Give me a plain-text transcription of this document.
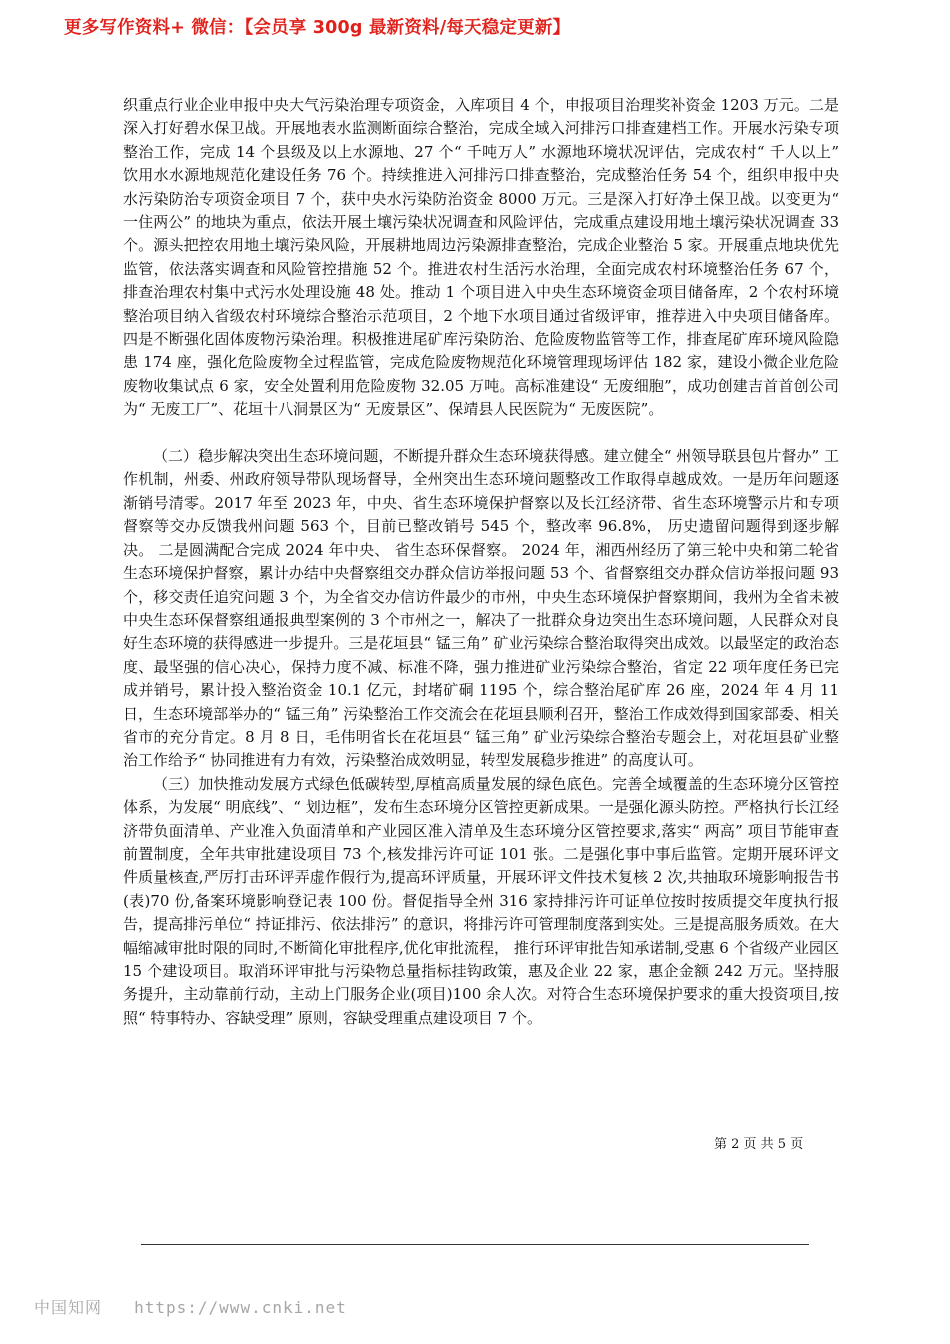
更多写作资料+ 微信：【会员享 300g 最新资料/每天稳定更新】

织重点行业企业申报中央大气污染治理专项资金，入库项目 4 个，申报项目治理奖补资金 1203 万元。二是深入打好碧水保卫战。开展地表水监测断面综合整治，完成全域入河排污口排查建档工作。开展水污染专项整治工作，完成 14 个县级及以上水源地、27 个“ 千吨万人” 水源地环境状况评估，完成农村“ 千人以上” 饮用水水源地规范化建设任务 76 个。持续推进入河排污口排查整治，完成整治任务 54 个，组织申报中央水污染防治专项资金项目 7 个，获中央水污染防治资金 8000 万元。三是深入打好净土保卫战。以变更为“ 一住两公” 的地块为重点，依法开展土壤污染状况调查和风险评估，完成重点建设用地土壤污染状况调查 33 个。源头把控农用地土壤污染风险，开展耕地周边污染源排查整治，完成企业整治 5 家。开展重点地块优先监管，依法落实调查和风险管控措施 52 个。推进农村生活污水治理，全面完成农村环境整治任务 67 个，排查治理农村集中式污水处理设施 48 处。推动 1 个项目进入中央生态环境资金项目储备库，2 个农村环境整治项目纳入省级农村环境综合整治示范项目，2 个地下水项目通过省级评审，推荐进入中央项目储备库。四是不断强化固体废物污染治理。积极推进尾矿库污染防治、危险废物监管等工作，排查尾矿库环境风险隐患 174 座，强化危险废物全过程监管，完成危险废物规范化环境管理现场评估 182 家，建设小微企业危险废物收集试点 6 家，安全处置利用危险废物 32.05 万吨。高标准建设“ 无废细胞”，成功创建吉首首创公司为“ 无废工厂”、花垣十八洞景区为“ 无废景区”、保靖县人民医院为“ 无废医院”。

（二）稳步解决突出生态环境问题，不断提升群众生态环境获得感。建立健全“ 州领导联县包片督办” 工作机制，州委、州政府领导带队现场督导，全州突出生态环境问题整改工作取得卓越成效。一是历年问题逐渐销号清零。2017 年至 2023 年，中央、省生态环境保护督察以及长江经济带、省生态环境警示片和专项督察等交办反馈我州问题 563 个，目前已整改销号 545 个，整改率 96.8%， 历史遗留问题得到逐步解决。 二是圆满配合完成 2024 年中央、 省生态环保督察。 2024 年，湘西州经历了第三轮中央和第二轮省生态环境保护督察，累计办结中央督察组交办群众信访举报问题 53 个、省督察组交办群众信访举报问题 93 个，移交责任追究问题 3 个，为全省交办信访件最少的市州，中央生态环境保护督察期间，我州为全省未被中央生态环保督察组通报典型案例的 3 个市州之一，解决了一批群众身边突出生态环境问题，人民群众对良好生态环境的获得感进一步提升。三是花垣县“ 锰三角” 矿业污染综合整治取得突出成效。以最坚定的政治态度、最坚强的信心决心，保持力度不减、标准不降，强力推进矿业污染综合整治，省定 22 项年度任务已完成并销号，累计投入整治资金 10.1 亿元，封堵矿硐 1195 个，综合整治尾矿库 26 座，2024 年 4 月 11 日，生态环境部举办的“ 锰三角” 污染整治工作交流会在花垣县顺利召开，整治工作成效得到国家部委、相关省市的充分肯定。8 月 8 日，毛伟明省长在花垣县“ 锰三角” 矿业污染综合整治专题会上，对花垣县矿业整治工作给予“ 协同推进有力有效，污染整治成效明显，转型发展稳步推进” 的高度认可。

（三）加快推动发展方式绿色低碳转型,厚植高质量发展的绿色底色。完善全域覆盖的生态环境分区管控体系，为发展“ 明底线”、“ 划边框”，发布生态环境分区管控更新成果。一是强化源头防控。严格执行长江经济带负面清单、产业准入负面清单和产业园区准入清单及生态环境分区管控要求,落实“ 两高” 项目节能审查前置制度，全年共审批建设项目 73 个,核发排污许可证 101 张。二是强化事中事后监管。定期开展环评文件质量核查,严厉打击环评弄虚作假行为,提高环评质量，开展环评文件技术复核 2 次,共抽取环境影响报告书(表)70 份,备案环境影响登记表 100 份。督促指导全州 316 家持排污许可证单位按时按质提交年度执行报告，提高排污单位“ 持证排污、依法排污” 的意识，将排污许可管理制度落到实处。三是提高服务质效。在大幅缩减审批时限的同时,不断简化审批程序,优化审批流程， 推行环评审批告知承诺制,受惠 6 个省级产业园区 15 个建设项目。取消环评审批与污染物总量指标挂钩政策，惠及企业 22 家，惠企金额 242 万元。坚持服务提升，主动靠前行动，主动上门服务企业(项目)100 余人次。对符合生态环境保护要求的重大投资项目,按照“ 特事特办、容缺受理” 原则，容缺受理重点建设项目 7 个。

第 2 页 共 5 页
中国知网 https://www.cnki.net
